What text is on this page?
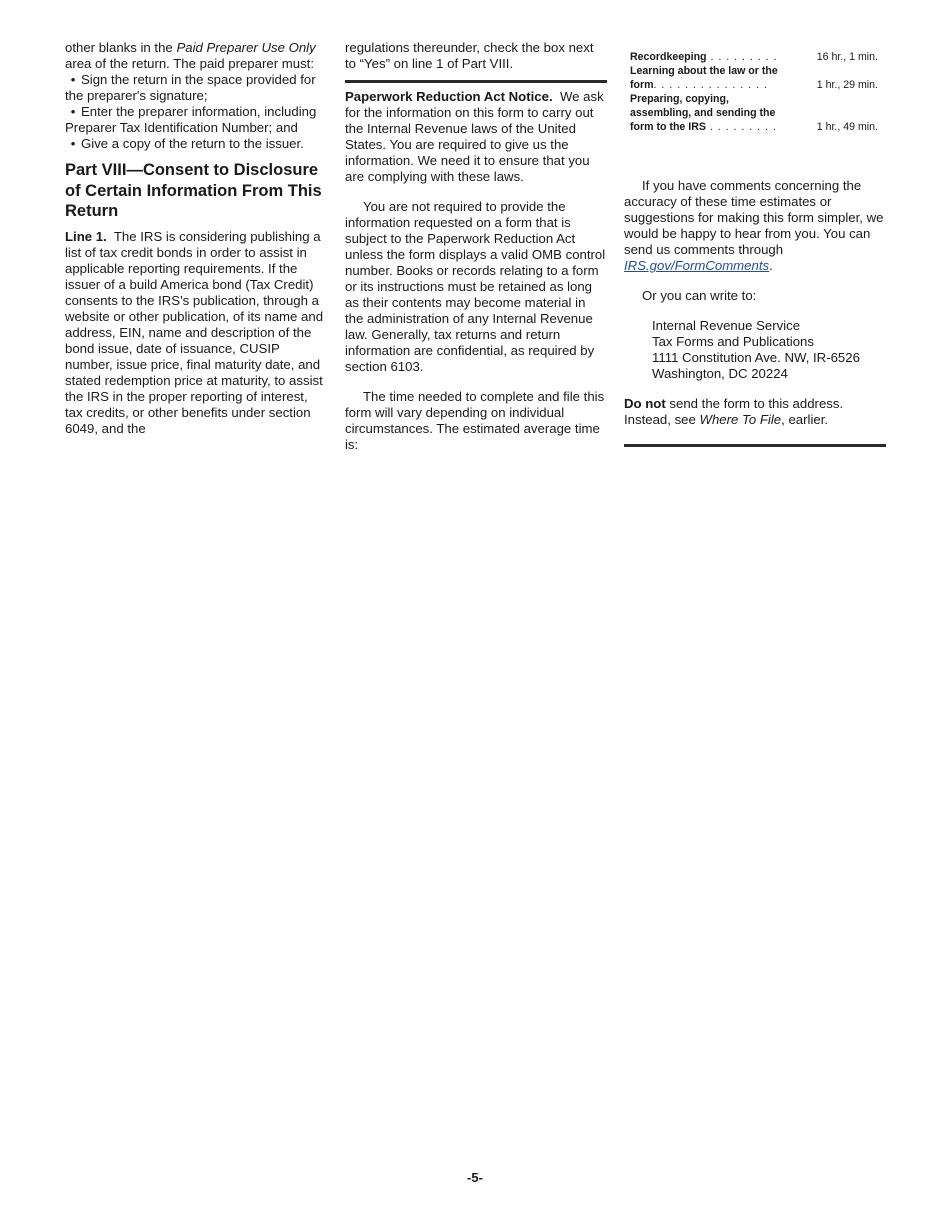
other blanks in the Paid Preparer Use Only area of the return. The paid preparer must:

• Sign the return in the space provided for the preparer's signature;

• Enter the preparer information, including Preparer Tax Identification Number; and

• Give a copy of the return to the issuer.

Part VIII—Consent to Disclosure of Certain Information From This Return

Line 1. The IRS is considering publishing a list of tax credit bonds in order to assist in applicable reporting requirements. If the issuer of a build America bond (Tax Credit) consents to the IRS's publication, through a website or other publication, of its name and address, EIN, name and description of the bond issue, date of issuance, CUSIP number, issue price, final maturity date, and stated redemption price at maturity, to assist the IRS in the proper reporting of interest, tax credits, or other benefits under section 6049, and the

regulations thereunder, check the box next to “Yes” on line 1 of Part VIII.

Paperwork Reduction Act Notice. We ask for the information on this form to carry out the Internal Revenue laws of the United States. You are required to give us the information. We need it to ensure that you are complying with these laws.

You are not required to provide the information requested on a form that is subject to the Paperwork Reduction Act unless the form displays a valid OMB control number. Books or records relating to a form or its instructions must be retained as long as their contents may become material in the administration of any Internal Revenue law. Generally, tax returns and return information are confidential, as required by section 6103.

The time needed to complete and file this form will vary depending on individual circumstances. The estimated average time is:

Recordkeeping . . . . . . . . .	16 hr., 1 min.
Learning about the law or the
form. . . . . . . . . . . . . . .	1 hr., 29 min.
Preparing, copying,
assembling, and sending the
form to the IRS . . . . . . . . .	1 hr., 49 min.

If you have comments concerning the accuracy of these time estimates or suggestions for making this form simpler, we would be happy to hear from you. You can send us comments through IRS.gov/FormComments.

Or you can write to:

Internal Revenue Service

Tax Forms and Publications

1111 Constitution Ave. NW, IR-6526

Washington, DC 20224

Do not send the form to this address. Instead, see Where To File, earlier.

-5-
